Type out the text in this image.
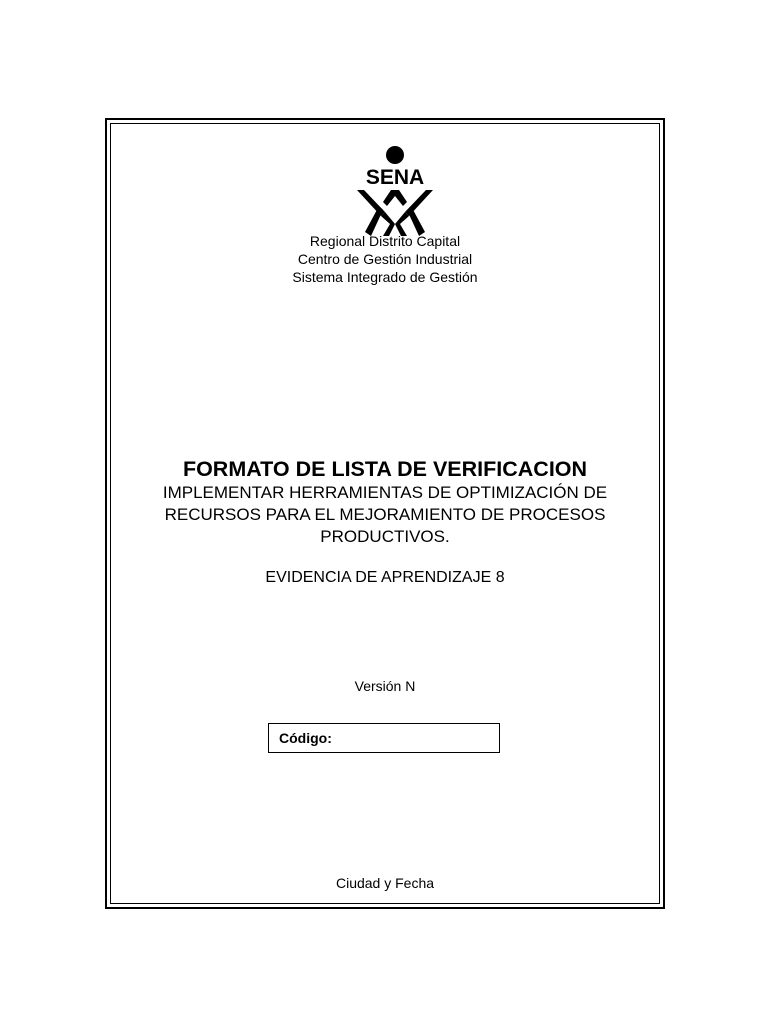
SENA
Regional Distrito Capital
Centro de Gestión Industrial
Sistema Integrado de Gestión
FORMATO DE LISTA DE VERIFICACION
IMPLEMENTAR HERRAMIENTAS DE OPTIMIZACIÓN DE
RECURSOS PARA EL MEJORAMIENTO DE PROCESOS
PRODUCTIVOS.
EVIDENCIA DE APRENDIZAJE 8
Versión N
Código:
Ciudad y Fecha
